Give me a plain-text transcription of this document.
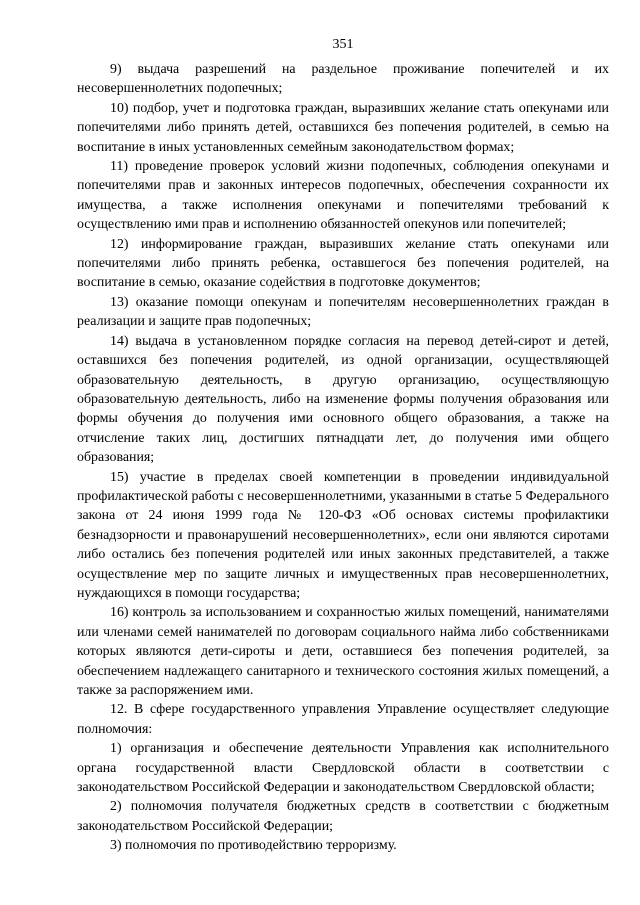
351

9) выдача разрешений на раздельное проживание попечителей и их несовершеннолетних подопечных;

10) подбор, учет и подготовка граждан, выразивших желание стать опекунами или попечителями либо принять детей, оставшихся без попечения родителей, в семью на воспитание в иных установленных семейным законодательством формах;

11) проведение проверок условий жизни подопечных, соблюдения опекунами и попечителями прав и законных интересов подопечных, обеспечения сохранности их имущества, а также исполнения опекунами и попечителями требований к осуществлению ими прав и исполнению обязанностей опекунов или попечителей;

12) информирование граждан, выразивших желание стать опекунами или попечителями либо принять ребенка, оставшегося без попечения родителей, на воспитание в семью, оказание содействия в подготовке документов;

13) оказание помощи опекунам и попечителям несовершеннолетних граждан в реализации и защите прав подопечных;

14) выдача в установленном порядке согласия на перевод детей-сирот и детей, оставшихся без попечения родителей, из одной организации, осуществляющей образовательную деятельность, в другую организацию, осуществляющую образовательную деятельность, либо на изменение формы получения образования или формы обучения до получения ими основного общего образования, а также на отчисление таких лиц, достигших пятнадцати лет, до получения ими общего образования;

15) участие в пределах своей компетенции в проведении индивидуальной профилактической работы с несовершеннолетними, указанными в статье 5 Федерального закона от 24 июня 1999 года № 120-ФЗ «Об основах системы профилактики безнадзорности и правонарушений несовершеннолетних», если они являются сиротами либо остались без попечения родителей или иных законных представителей, а также осуществление мер по защите личных и имущественных прав несовершеннолетних, нуждающихся в помощи государства;

16) контроль за использованием и сохранностью жилых помещений, нанимателями или членами семей нанимателей по договорам социального найма либо собственниками которых являются дети-сироты и дети, оставшиеся без попечения родителей, за обеспечением надлежащего санитарного и технического состояния жилых помещений, а также за распоряжением ими.

12. В сфере государственного управления Управление осуществляет следующие полномочия:

1) организация и обеспечение деятельности Управления как исполнительного органа государственной власти Свердловской области в соответствии с законодательством Российской Федерации и законодательством Свердловской области;

2) полномочия получателя бюджетных средств в соответствии с бюджетным законодательством Российской Федерации;

3) полномочия по противодействию терроризму.
